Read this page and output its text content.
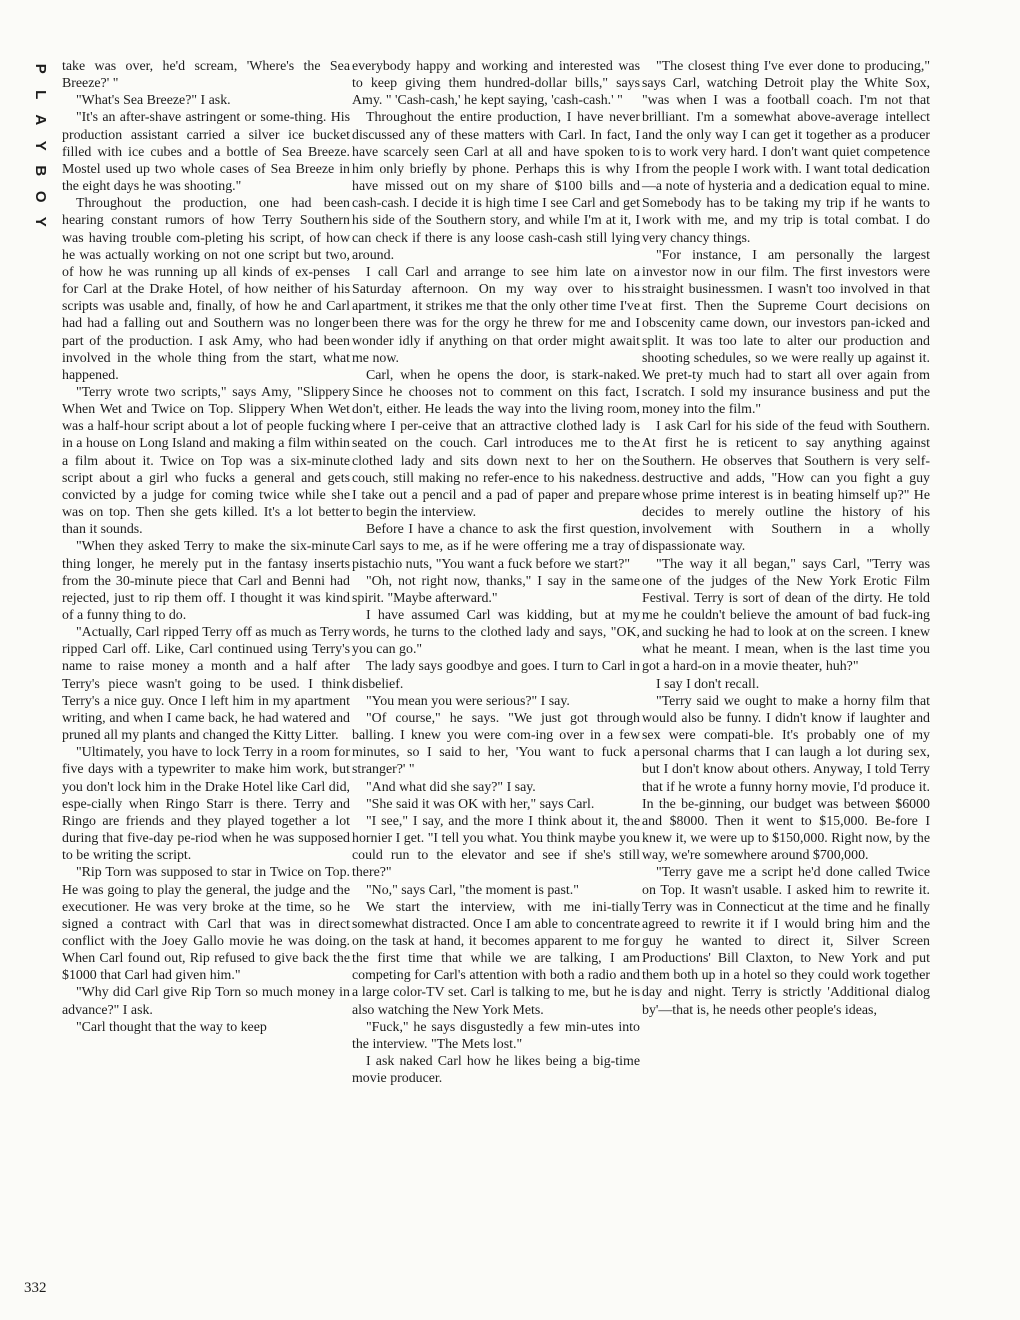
P
L
A
Y
B
O
Y

take was over, he'd scream, 'Where's the Sea Breeze?' "

"What's Sea Breeze?" I ask.

"It's an after-shave astringent or some-thing. His production assistant carried a silver ice bucket filled with ice cubes and a bottle of Sea Breeze. Mostel used up two whole cases of Sea Breeze in the eight days he was shooting."

Throughout the production, one had been hearing constant rumors of how Terry Southern was having trouble com-pleting his script, of how he was actually working on not one script but two, of how he was running up all kinds of ex-penses for Carl at the Drake Hotel, of how neither of his scripts was usable and, finally, of how he and Carl had had a falling out and Southern was no longer part of the production. I ask Amy, who had been involved in the whole thing from the start, what happened.

"Terry wrote two scripts," says Amy, "Slippery When Wet and Twice on Top. Slippery When Wet was a half-hour script about a lot of people fucking in a house on Long Island and making a film within a film about it. Twice on Top was a six-minute script about a girl who fucks a general and gets convicted by a judge for coming twice while she was on top. Then she gets killed. It's a lot better than it sounds.

"When they asked Terry to make the six-minute thing longer, he merely put in the fantasy inserts from the 30-minute piece that Carl and Benni had rejected, just to rip them off. I thought it was kind of a funny thing to do.

"Actually, Carl ripped Terry off as much as Terry ripped Carl off. Like, Carl continued using Terry's name to raise money a month and a half after Terry's piece wasn't going to be used. I think Terry's a nice guy. Once I left him in my apartment writing, and when I came back, he had watered and pruned all my plants and changed the Kitty Litter.

"Ultimately, you have to lock Terry in a room for five days with a typewriter to make him work, but you don't lock him in the Drake Hotel like Carl did, espe-cially when Ringo Starr is there. Terry and Ringo are friends and they played together a lot during that five-day pe-riod when he was supposed to be writing the script.

"Rip Torn was supposed to star in Twice on Top. He was going to play the general, the judge and the executioner. He was very broke at the time, so he signed a contract with Carl that was in direct conflict with the Joey Gallo movie he was doing. When Carl found out, Rip refused to give back the $1000 that Carl had given him."

"Why did Carl give Rip Torn so much money in advance?" I ask.

"Carl thought that the way to keep

everybody happy and working and interested was to keep giving them hundred-dollar bills," says Amy. " 'Cash-cash,' he kept saying, 'cash-cash.' "

Throughout the entire production, I have never discussed any of these matters with Carl. In fact, I have scarcely seen Carl at all and have spoken to him only briefly by phone. Perhaps this is why I have missed out on my share of $100 bills and cash-cash. I decide it is high time I see Carl and get his side of the Southern story, and while I'm at it, I can check if there is any loose cash-cash still lying around.

I call Carl and arrange to see him late on a Saturday afternoon. On my way over to his apartment, it strikes me that the only other time I've been there was for the orgy he threw for me and I wonder idly if anything on that order might await me now.

Carl, when he opens the door, is stark-naked. Since he chooses not to comment on this fact, I don't, either. He leads the way into the living room, where I per-ceive that an attractive clothed lady is seated on the couch. Carl introduces me to the clothed lady and sits down next to her on the couch, still making no refer-ence to his nakedness. I take out a pencil and a pad of paper and prepare to begin the interview.

Before I have a chance to ask the first question, Carl says to me, as if he were offering me a tray of pistachio nuts, "You want a fuck before we start?"

"Oh, not right now, thanks," I say in the same spirit. "Maybe afterward."

I have assumed Carl was kidding, but at my words, he turns to the clothed lady and says, "OK, you can go."

The lady says goodbye and goes. I turn to Carl in disbelief.

"You mean you were serious?" I say.

"Of course," he says. "We just got through balling. I knew you were com-ing over in a few minutes, so I said to her, 'You want to fuck a stranger?' "

"And what did she say?" I say.

"She said it was OK with her," says Carl.

"I see," I say, and the more I think about it, the hornier I get. "I tell you what. You think maybe you could run to the elevator and see if she's still there?"

"No," says Carl, "the moment is past."

We start the interview, with me ini-tially somewhat distracted. Once I am able to concentrate on the task at hand, it becomes apparent to me for the first time that while we are talking, I am competing for Carl's attention with both a radio and a large color-TV set. Carl is talking to me, but he is also watching the New York Mets.

"Fuck," he says disgustedly a few min-utes into the interview. "The Mets lost."

I ask naked Carl how he likes being a big-time movie producer.

"The closest thing I've ever done to producing," says Carl, watching Detroit play the White Sox, "was when I was a football coach. I'm not that brilliant. I'm a somewhat above-average intellect and the only way I can get it together as a producer is to work very hard. I don't want quiet competence from the people I work with. I want total dedication—a note of hysteria and a dedication equal to mine. Somebody has to be taking my trip if he wants to work with me, and my trip is total combat. I do very chancy things.

"For instance, I am personally the largest investor now in our film. The first investors were straight businessmen. I wasn't too involved in that at first. Then the Supreme Court decisions on obscenity came down, our investors pan-icked and split. It was too late to alter our production and shooting schedules, so we were really up against it. We pret-ty much had to start all over again from scratch. I sold my insurance business and put the money into the film."

I ask Carl for his side of the feud with Southern. At first he is reticent to say anything against Southern. He observes that Southern is very self-destructive and adds, "How can you fight a guy whose prime interest is in beating himself up?" He decides to merely outline the history of his involvement with Southern in a wholly dispassionate way.

"The way it all began," says Carl, "Terry was one of the judges of the New York Erotic Film Festival. Terry is sort of dean of the dirty. He told me he couldn't believe the amount of bad fuck-ing and sucking he had to look at on the screen. I knew what he meant. I mean, when is the last time you got a hard-on in a movie theater, huh?"

I say I don't recall.

"Terry said we ought to make a horny film that would also be funny. I didn't know if laughter and sex were compati-ble. It's probably one of my personal charms that I can laugh a lot during sex, but I don't know about others. Anyway, I told Terry that if he wrote a funny horny movie, I'd produce it. In the be-ginning, our budget was between $6000 and $8000. Then it went to $15,000. Be-fore I knew it, we were up to $150,000. Right now, by the way, we're somewhere around $700,000.

"Terry gave me a script he'd done called Twice on Top. It wasn't usable. I asked him to rewrite it. Terry was in Connecticut at the time and he finally agreed to rewrite it if I would bring him and the guy he wanted to direct it, Silver Screen Productions' Bill Claxton, to New York and put them both up in a hotel so they could work together day and night. Terry is strictly 'Additional dialog by'—that is, he needs other people's ideas,

332
